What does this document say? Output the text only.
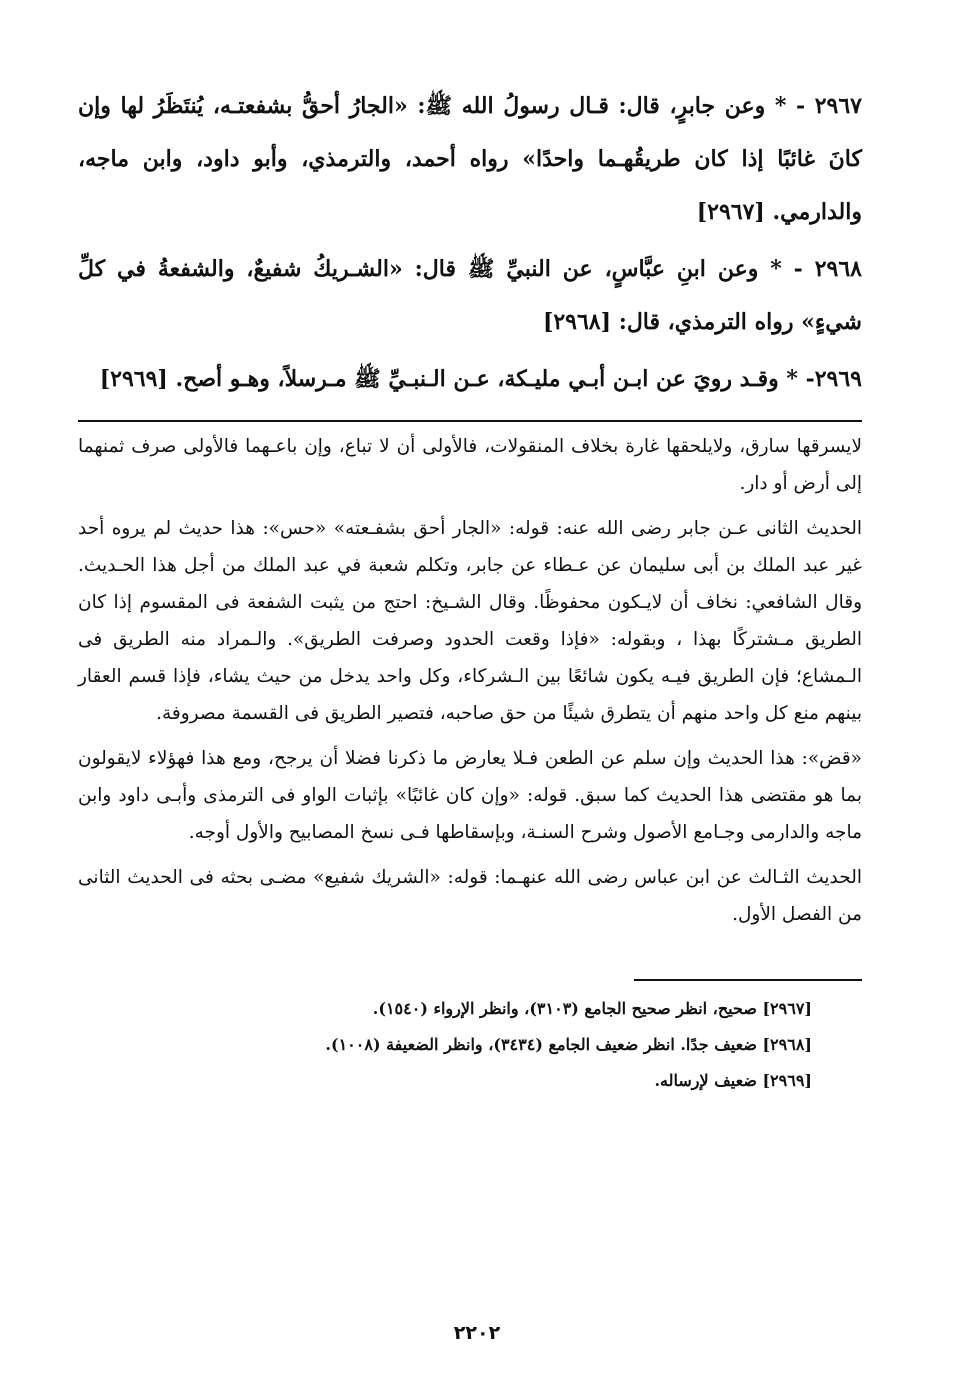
٢٩٦٧ - * وعن جابرٍ، قال: قـال رسولُ الله ﷺ: «الجارُ أحقُّ بشفعتـه، يُنتَظَرُ لها وإن كانَ غائبًا إذا كان طريقُهـما واحدًا» رواه أحمد، والترمذي، وأبو داود، وابن ماجه، والدارمي. [٢٩٦٧]

٢٩٦٨ - * وعن ابنِ عبَّاسٍ، عن النبيِّ ﷺ قال: «الشـريكُ شفيعٌ، والشفعةُ في كلِّ شيءٍ» رواه الترمذي، قال: [٢٩٦٨]

٢٩٦٩- * وقـد رويَ عن ابـن أبـي مليـكة، عـن الـنبـيِّ ﷺ مـرسلاً، وهـو أصح. [٢٩٦٩]

لايسرقها سارق، ولايلحقها غارة بخلاف المنقولات، فالأولى أن لا تباع، وإن باعـهما فالأولى صرف ثمنهما إلى أرض أو دار.

الحديث الثانى عـن جابر رضى الله عنه: قوله: «الجار أحق بشفـعته» «حس»: هذا حديث لم يروه أحد غير عبد الملك بن أبى سليمان عن عـطاء عن جابر، وتكلم شعبة في عبد الملك من أجل هذا الحـديث. وقال الشافعي: نخاف أن لايـكون محفوظًا. وقال الشـيخ: احتج من يثبت الشفعة فى المقسوم إذا كان الطريق مـشتركًا بهذا ، وبقوله: «فإذا وقعت الحدود وصرفت الطريق». والـمراد منه الطريق فى الـمشاع؛ فإن الطريق فيـه يكون شائعًا بين الـشركاء، وكل واحد يدخل من حيث يشاء، فإذا قسم العقار بينهم منع كل واحد منهم أن يتطرق شيئًا من حق صاحبه، فتصير الطريق فى القسمة مصروفة.

«قض»: هذا الحديث وإن سلم عن الطعن فـلا يعارض ما ذكرنا فضلا أن يرجح، ومع هذا فهؤلاء لايقولون بما هو مقتضى هذا الحديث كما سبق. قوله: «وإن كان غائبًا» بإثبات الواو فى الترمذى وأبـى داود وابن ماجه والدارمى وجـامع الأصول وشرح السنـة، وبإسقاطها فـى نسخ المصابيح والأول أوجه.

الحديث الثـالث عن ابن عباس رضى الله عنهـما: قوله: «الشريك شفيع» مضـى بحثه فى الحديث الثانى من الفصل الأول.

[٢٩٦٧] صحيح، انظر صحيح الجامع (٣١٠٣)، وانظر الإرواء (١٥٤٠).

[٢٩٦٨] ضعيف جدًا. انظر ضعيف الجامع (٣٤٣٤)، وانظر الضعيفة (١٠٠٨).

[٢٩٦٩] ضعيف لإرساله.

٢٢٠٢
